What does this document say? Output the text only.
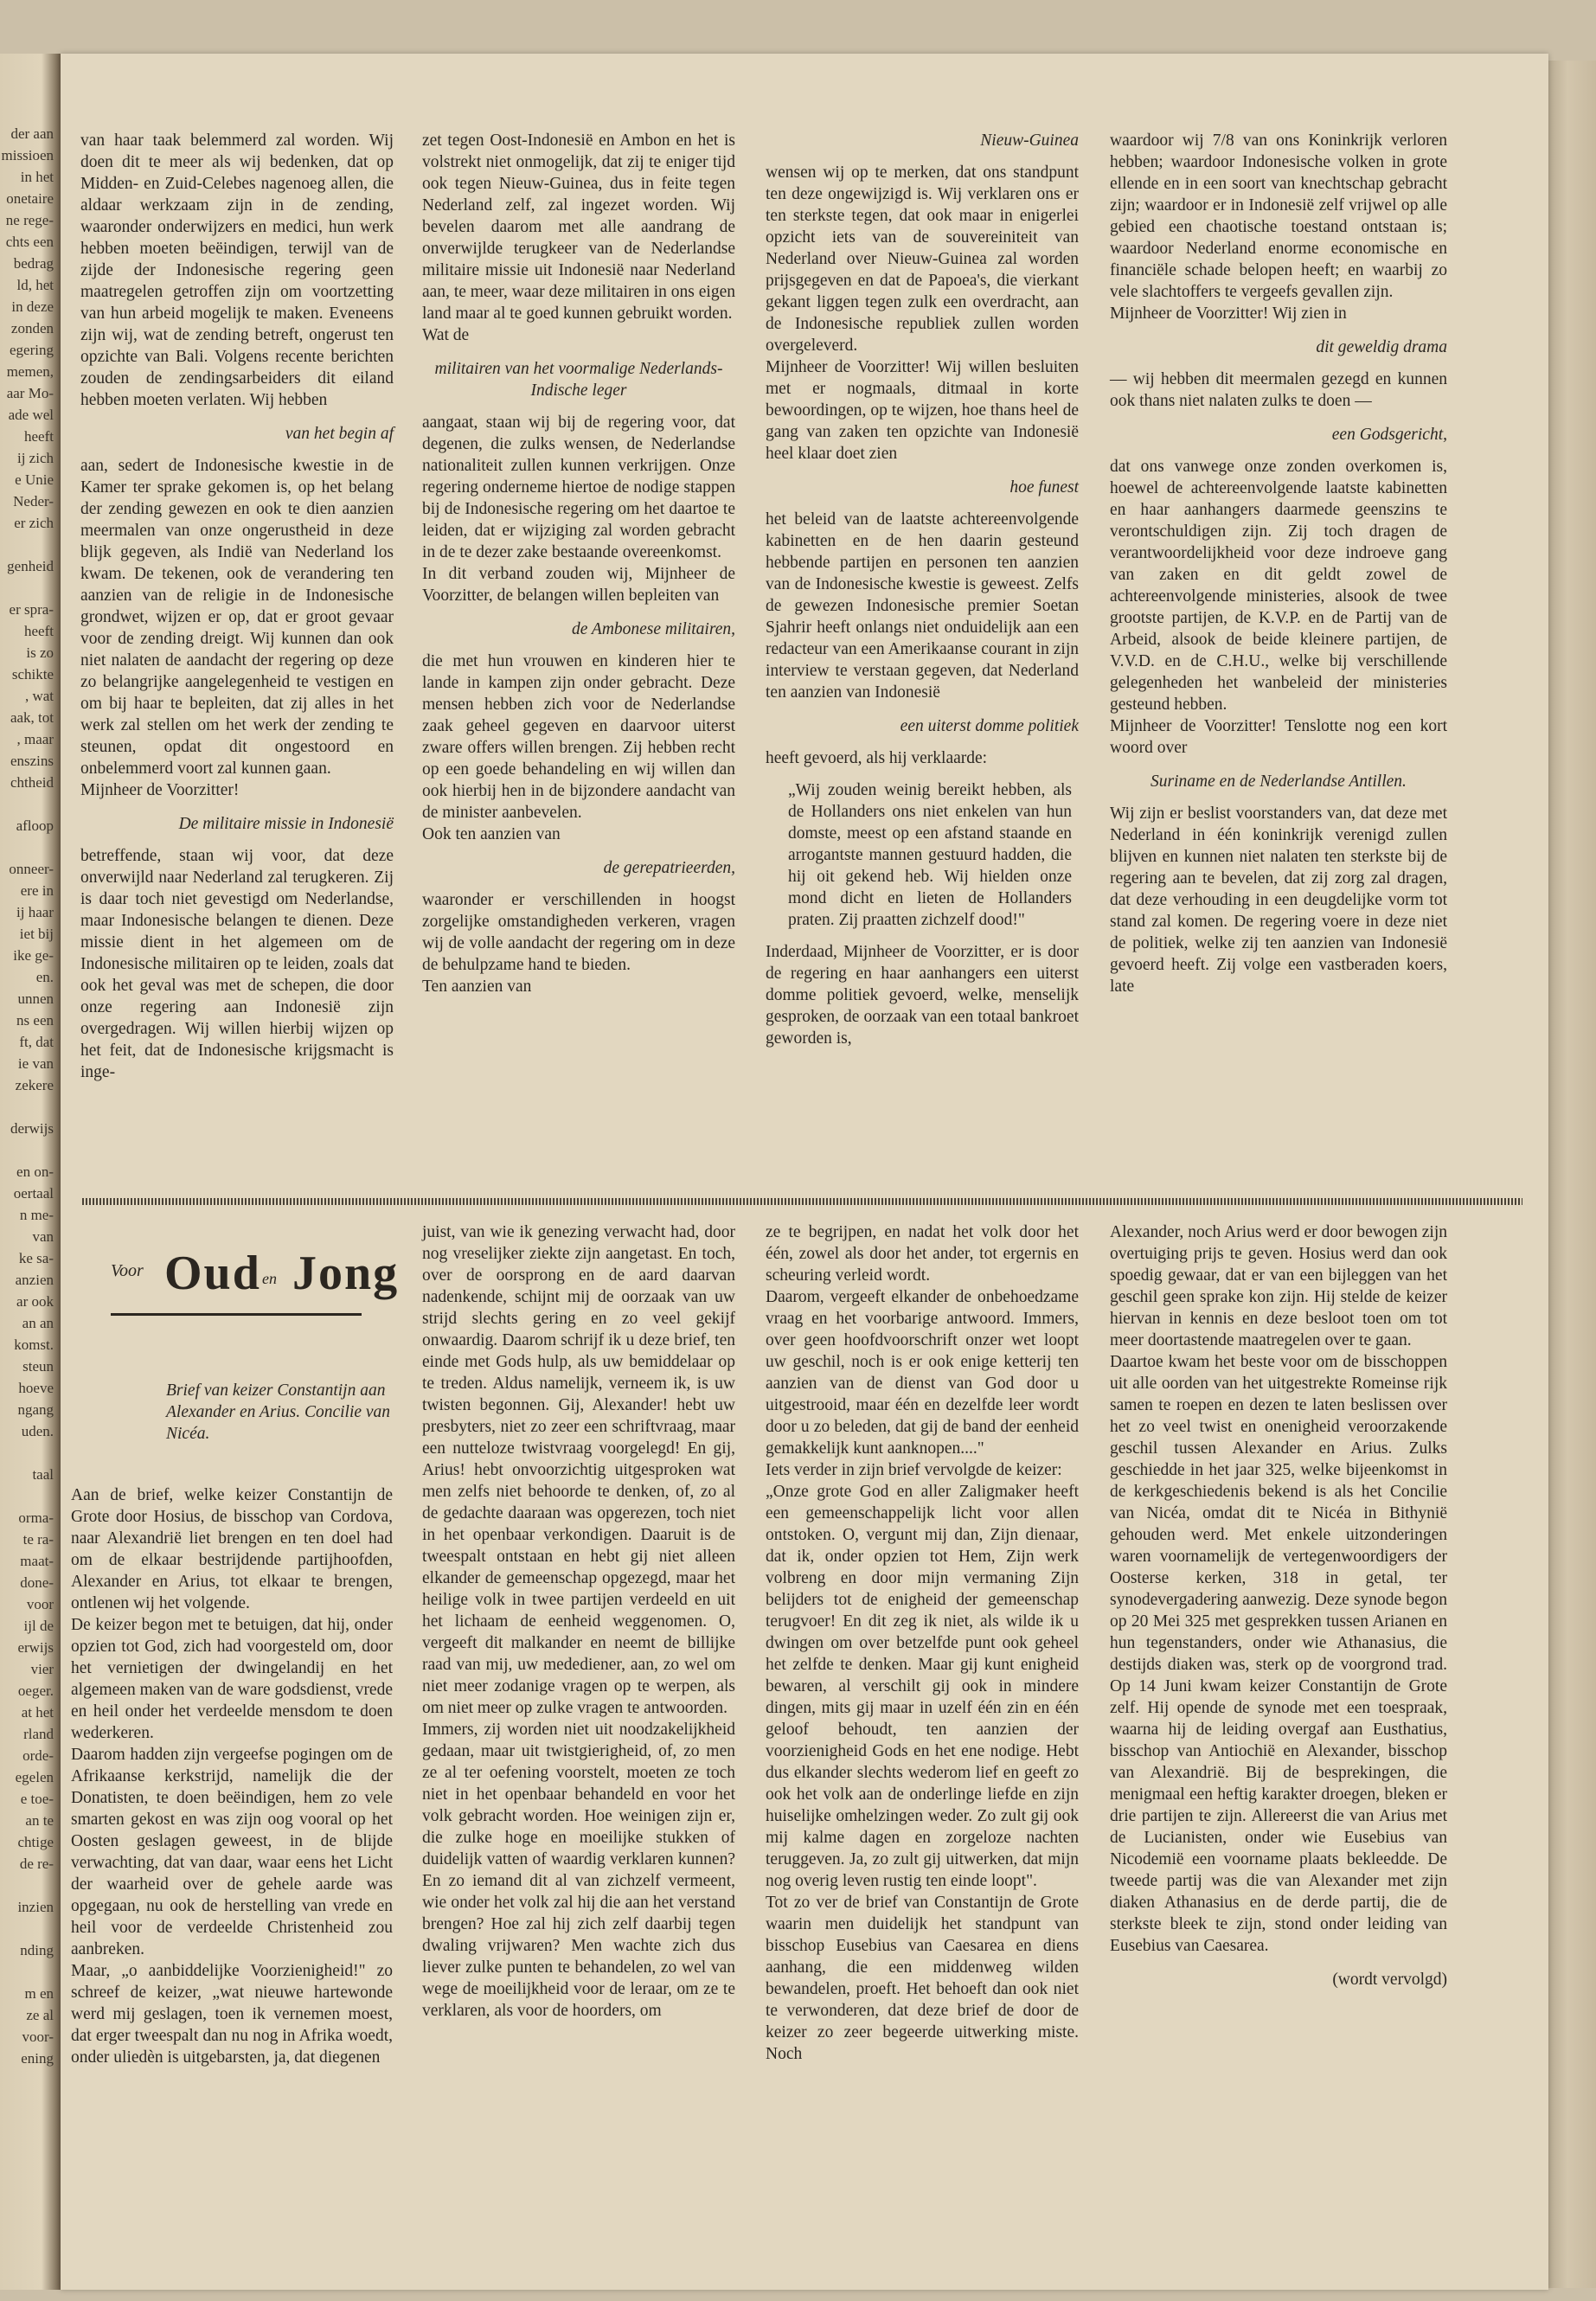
der aan
missioen
in het
onetaire
ne rege-
chts een
bedrag
ld, het
in deze
zonden
egering
memen,
aar Mo-
ade wel
heeft
ij zich
e Unie
Neder-
er zich

genheid

er spra-
heeft
is zo
schikte
, wat
aak, tot
, maar
enszins
chtheid

afloop

onneer-
ere in
ij haar
iet bij
ike ge-
en.
unnen
ns een
ft, dat
ie van
zekere

derwijs

en on-
oertaal
n me-
van
ke sa-
anzien
ar ook
an an
komst.
steun
hoeve
ngang
uden.

taal

orma-
te ra-
maat-
done-
voor
ijl de
erwijs
vier
oeger.
at het
rland
orde-
egelen
e toe-
an te
chtige
de re-

inzien

nding

m en
ze al
voor-
ening

van haar taak belemmerd zal worden. Wij doen dit te meer als wij bedenken, dat op Midden- en Zuid-Celebes nagenoeg allen, die aldaar werkzaam zijn in de zending, waaronder onderwijzers en medici, hun werk hebben moeten beëindigen, terwijl van de zijde der Indonesische regering geen maatregelen getroffen zijn om voortzetting van hun arbeid mogelijk te maken. Eveneens zijn wij, wat de zending betreft, ongerust ten opzichte van Bali. Volgens recente berichten zouden de zendingsarbeiders dit eiland hebben moeten verlaten. Wij hebben

van het begin af

aan, sedert de Indonesische kwestie in de Kamer ter sprake gekomen is, op het belang der zending gewezen en ook te dien aanzien meermalen van onze ongerustheid in deze blijk gegeven, als Indië van Nederland los kwam. De tekenen, ook de verandering ten aanzien van de religie in de Indonesische grondwet, wijzen er op, dat er groot gevaar voor de zending dreigt. Wij kunnen dan ook niet nalaten de aandacht der regering op deze zo belangrijke aangelegenheid te vestigen en om bij haar te bepleiten, dat zij alles in het werk zal stellen om het werk der zending te steunen, opdat dit ongestoord en onbelemmerd voort zal kunnen gaan.

Mijnheer de Voorzitter!

De militaire missie in Indonesië

betreffende, staan wij voor, dat deze onverwijld naar Nederland zal terugkeren. Zij is daar toch niet gevestigd om Nederlandse, maar Indonesische belangen te dienen. Deze missie dient in het algemeen om de Indonesische militairen op te leiden, zoals dat ook het geval was met de schepen, die door onze regering aan Indonesië zijn overgedragen. Wij willen hierbij wijzen op het feit, dat de Indonesische krijgsmacht is inge-

zet tegen Oost-Indonesië en Ambon en het is volstrekt niet onmogelijk, dat zij te eniger tijd ook tegen Nieuw-Guinea, dus in feite tegen Nederland zelf, zal ingezet worden. Wij bevelen daarom met alle aandrang de onverwijlde terugkeer van de Nederlandse militaire missie uit Indonesië naar Nederland aan, te meer, waar deze militairen in ons eigen land maar al te goed kunnen gebruikt worden.

Wat de

militairen van het voormalige Nederlands-Indische leger

aangaat, staan wij bij de regering voor, dat degenen, die zulks wensen, de Nederlandse nationaliteit zullen kunnen verkrijgen. Onze regering onderneme hiertoe de nodige stappen bij de Indonesische regering om het daartoe te leiden, dat er wijziging zal worden gebracht in de te dezer zake bestaande overeenkomst.

In dit verband zouden wij, Mijnheer de Voorzitter, de belangen willen bepleiten van

de Ambonese militairen,

die met hun vrouwen en kinderen hier te lande in kampen zijn onder gebracht. Deze mensen hebben zich voor de Nederlandse zaak geheel gegeven en daarvoor uiterst zware offers willen brengen. Zij hebben recht op een goede behandeling en wij willen dan ook hierbij hen in de bijzondere aandacht van de minister aanbevelen.

Ook ten aanzien van

de gerepatrieerden,

waaronder er verschillenden in hoogst zorgelijke omstandigheden verkeren, vragen wij de volle aandacht der regering om in deze de behulpzame hand te bieden.

Ten aanzien van

Nieuw-Guinea

wensen wij op te merken, dat ons standpunt ten deze ongewijzigd is. Wij verklaren ons er ten sterkste tegen, dat ook maar in enigerlei opzicht iets van de souvereiniteit van Nederland over Nieuw-Guinea zal worden prijsgegeven en dat de Papoea's, die vierkant gekant liggen tegen zulk een overdracht, aan de Indonesische republiek zullen worden overgeleverd.

Mijnheer de Voorzitter! Wij willen besluiten met er nogmaals, ditmaal in korte bewoordingen, op te wijzen, hoe thans heel de gang van zaken ten opzichte van Indonesië heel klaar doet zien

hoe funest

het beleid van de laatste achtereenvolgende kabinetten en de hen daarin gesteund hebbende partijen en personen ten aanzien van de Indonesische kwestie is geweest. Zelfs de gewezen Indonesische premier Soetan Sjahrir heeft onlangs niet onduidelijk aan een redacteur van een Amerikaanse courant in zijn interview te verstaan gegeven, dat Nederland ten aanzien van Indonesië

een uiterst domme politiek

heeft gevoerd, als hij verklaarde:

„Wij zouden weinig bereikt hebben, als de Hollanders ons niet enkelen van hun domste, meest op een afstand staande en arrogantste mannen gestuurd hadden, die hij oit gekend heb. Wij hielden onze mond dicht en lieten de Hollanders praten. Zij praatten zichzelf dood!"

Inderdaad, Mijnheer de Voorzitter, er is door de regering en haar aanhangers een uiterst domme politiek gevoerd, welke, menselijk gesproken, de oorzaak van een totaal bankroet geworden is,

waardoor wij 7/8 van ons Koninkrijk verloren hebben; waardoor Indonesische volken in grote ellende en in een soort van knechtschap gebracht zijn; waardoor er in Indonesië zelf vrijwel op alle gebied een chaotische toestand ontstaan is; waardoor Nederland enorme economische en financiële schade belopen heeft; en waarbij zo vele slachtoffers te vergeefs gevallen zijn.

Mijnheer de Voorzitter! Wij zien in

dit geweldig drama

— wij hebben dit meermalen gezegd en kunnen ook thans niet nalaten zulks te doen —

een Godsgericht,

dat ons vanwege onze zonden overkomen is, hoewel de achtereenvolgende laatste kabinetten en haar aanhangers daarmede geenszins te verontschuldigen zijn. Zij toch dragen de verantwoordelijkheid voor deze indroeve gang van zaken en dit geldt zowel de achtereenvolgende ministeries, alsook de twee grootste partijen, de K.V.P. en de Partij van de Arbeid, alsook de beide kleinere partijen, de V.V.D. en de C.H.U., welke bij verschillende gelegenheden het wanbeleid der ministeries gesteund hebben.

Mijnheer de Voorzitter! Tenslotte nog een kort woord over

Suriname en de Nederlandse Antillen.

Wij zijn er beslist voorstanders van, dat deze met Nederland in één koninkrijk verenigd zullen blijven en kunnen niet nalaten ten sterkste bij de regering aan te bevelen, dat zij zorg zal dragen, dat deze verhouding in een deugdelijke vorm tot stand zal komen. De regering voere in deze niet de politiek, welke zij ten aanzien van Indonesië gevoerd heeft. Zij volge een vastberaden koers, late

Voor Oud en Jong

Brief van keizer Constantijn aan Alexander en Arius. Concilie van Nicéa.

Aan de brief, welke keizer Constantijn de Grote door Hosius, de bisschop van Cordova, naar Alexandrië liet brengen en ten doel had om de elkaar bestrijdende partijhoofden, Alexander en Arius, tot elkaar te brengen, ontlenen wij het volgende.

De keizer begon met te betuigen, dat hij, onder opzien tot God, zich had voorgesteld om, door het vernietigen der dwingelandij en het algemeen maken van de ware godsdienst, vrede en heil onder het verdeelde mensdom te doen wederkeren.

Daarom hadden zijn vergeefse pogingen om de Afrikaanse kerkstrijd, namelijk die der Donatisten, te doen beëindigen, hem zo vele smarten gekost en was zijn oog vooral op het Oosten geslagen geweest, in de blijde verwachting, dat van daar, waar eens het Licht der waarheid over de gehele aarde was opgegaan, nu ook de herstelling van vrede en heil voor de verdeelde Christenheid zou aanbreken.

Maar, „o aanbiddelijke Voorzienigheid!" zo schreef de keizer, „wat nieuwe hartewonde werd mij geslagen, toen ik vernemen moest, dat erger tweespalt dan nu nog in Afrika woedt, onder uliedèn is uitgebarsten, ja, dat diegenen

juist, van wie ik genezing verwacht had, door nog vreselijker ziekte zijn aangetast. En toch, over de oorsprong en de aard daarvan nadenkende, schijnt mij de oorzaak van uw strijd slechts gering en zo veel gekijf onwaardig. Daarom schrijf ik u deze brief, ten einde met Gods hulp, als uw bemiddelaar op te treden. Aldus namelijk, verneem ik, is uw twisten begonnen. Gij, Alexander! hebt uw presbyters, niet zo zeer een schriftvraag, maar een nutteloze twistvraag voorgelegd! En gij, Arius! hebt onvoorzichtig uitgesproken wat men zelfs niet behoorde te denken, of, zo al de gedachte daaraan was opgerezen, toch niet in het openbaar verkondigen. Daaruit is de tweespalt ontstaan en hebt gij niet alleen elkander de gemeenschap opgezegd, maar het heilige volk in twee partijen verdeeld en uit het lichaam de eenheid weggenomen. O, vergeeft dit malkander en neemt de billijke raad van mij, uw medediener, aan, zo wel om niet meer zodanige vragen op te werpen, als om niet meer op zulke vragen te antwoorden.

Immers, zij worden niet uit noodzakelijkheid gedaan, maar uit twistgierigheid, of, zo men ze al ter oefening voorstelt, moeten ze toch niet in het openbaar behandeld en voor het volk gebracht worden. Hoe weinigen zijn er, die zulke hoge en moeilijke stukken of duidelijk vatten of waardig verklaren kunnen? En zo iemand dit al van zichzelf vermeent, wie onder het volk zal hij die aan het verstand brengen? Hoe zal hij zich zelf daarbij tegen dwaling vrijwaren? Men wachte zich dus liever zulke punten te behandelen, zo wel van wege de moeilijkheid voor de leraar, om ze te verklaren, als voor de hoorders, om

ze te begrijpen, en nadat het volk door het één, zowel als door het ander, tot ergernis en scheuring verleid wordt.

Daarom, vergeeft elkander de onbehoedzame vraag en het voorbarige antwoord. Immers, over geen hoofdvoorschrift onzer wet loopt uw geschil, noch is er ook enige ketterij ten aanzien van de dienst van God door u uitgestrooid, maar één en dezelfde leer wordt door u zo beleden, dat gij de band der eenheid gemakkelijk kunt aanknopen...."

Iets verder in zijn brief vervolgde de keizer:

„Onze grote God en aller Zaligmaker heeft een gemeenschappelijk licht voor allen ontstoken. O, vergunt mij dan, Zijn dienaar, dat ik, onder opzien tot Hem, Zijn werk volbreng en door mijn vermaning Zijn belijders tot de enigheid der gemeenschap terugvoer! En dit zeg ik niet, als wilde ik u dwingen om over betzelfde punt ook geheel het zelfde te denken. Maar gij kunt enigheid bewaren, al verschilt gij ook in mindere dingen, mits gij maar in uzelf één zin en één geloof behoudt, ten aanzien der voorzienigheid Gods en het ene nodige. Hebt dus elkander slechts wederom lief en geeft zo ook het volk aan de onderlinge liefde en zijn huiselijke omhelzingen weder. Zo zult gij ook mij kalme dagen en zorgeloze nachten teruggeven. Ja, zo zult gij uitwerken, dat mijn nog overig leven rustig ten einde loopt".

Tot zo ver de brief van Constantijn de Grote waarin men duidelijk het standpunt van bisschop Eusebius van Caesarea en diens aanhang, die een middenweg wilden bewandelen, proeft. Het behoeft dan ook niet te verwonderen, dat deze brief de door de keizer zo zeer begeerde uitwerking miste. Noch

Alexander, noch Arius werd er door bewogen zijn overtuiging prijs te geven. Hosius werd dan ook spoedig gewaar, dat er van een bijleggen van het geschil geen sprake kon zijn. Hij stelde de keizer hiervan in kennis en deze besloot toen om tot meer doortastende maatregelen over te gaan.

Daartoe kwam het beste voor om de bisschoppen uit alle oorden van het uitgestrekte Romeinse rijk samen te roepen en dezen te laten beslissen over het zo veel twist en onenigheid veroorzakende geschil tussen Alexander en Arius. Zulks geschiedde in het jaar 325, welke bijeenkomst in de kerkgeschiedenis bekend is als het Concilie van Nicéa, omdat dit te Nicéa in Bithynië gehouden werd. Met enkele uitzonderingen waren voornamelijk de vertegenwoordigers der Oosterse kerken, 318 in getal, ter synodevergadering aanwezig. Deze synode begon op 20 Mei 325 met gesprekken tussen Arianen en hun tegenstanders, onder wie Athanasius, die destijds diaken was, sterk op de voorgrond trad. Op 14 Juni kwam keizer Constantijn de Grote zelf. Hij opende de synode met een toespraak, waarna hij de leiding overgaf aan Eusthatius, bisschop van Antiochië en Alexander, bisschop van Alexandrië. Bij de besprekingen, die menigmaal een heftig karakter droegen, bleken er drie partijen te zijn. Allereerst die van Arius met de Lucianisten, onder wie Eusebius van Nicodemië een voorname plaats bekleedde. De tweede partij was die van Alexander met zijn diaken Athanasius en de derde partij, die de sterkste bleek te zijn, stond onder leiding van Eusebius van Caesarea.

(wordt vervolgd)
